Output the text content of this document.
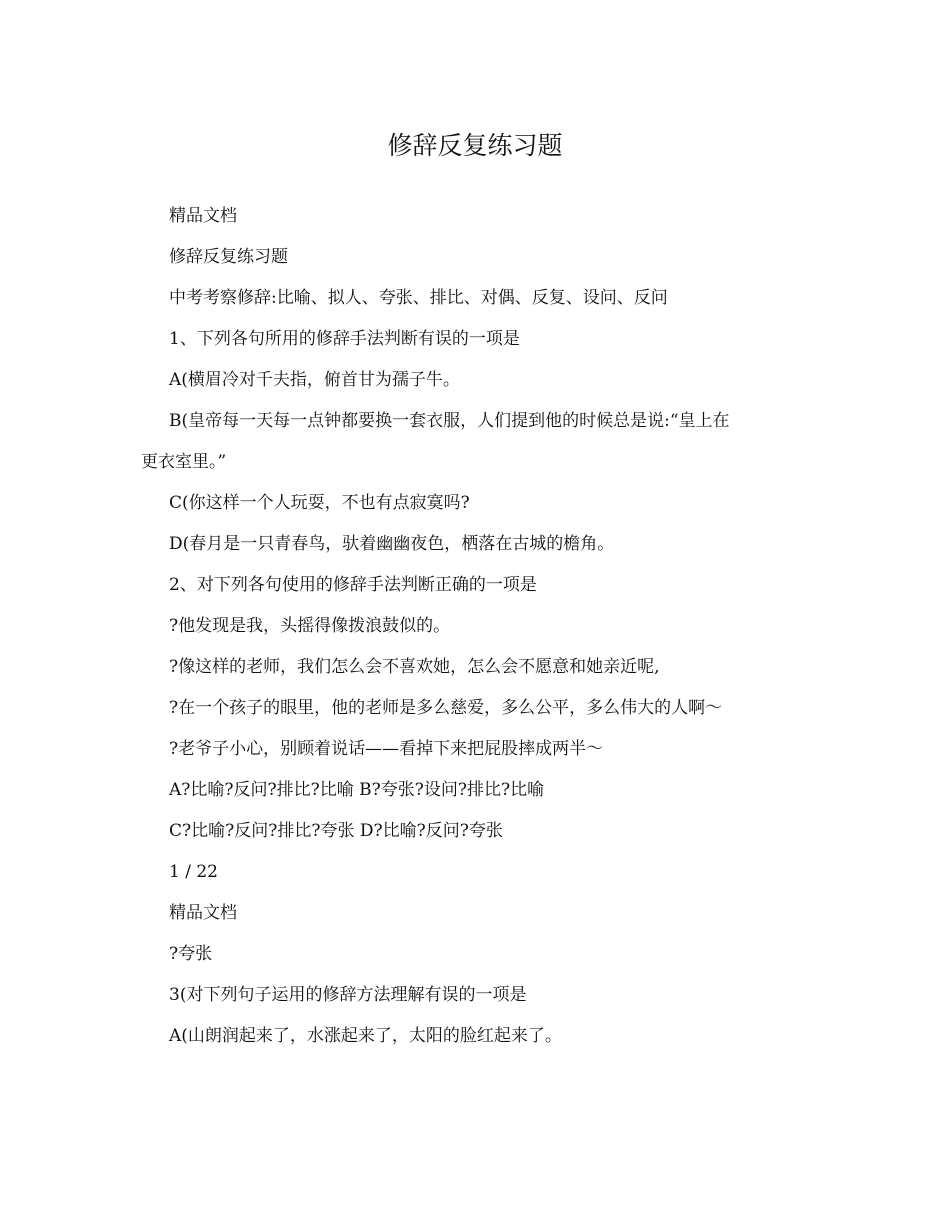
修辞反复练习题

精品文档

修辞反复练习题

中考考察修辞:比喻、拟人、夸张、排比、对偶、反复、设问、反问

1、下列各句所用的修辞手法判断有误的一项是

A(横眉冷对千夫指，俯首甘为孺子牛。

B(皇帝每一天每一点钟都要换一套衣服，人们提到他的时候总是说:“皇上在

更衣室里。”

C(你这样一个人玩耍，不也有点寂寞吗?

D(春月是一只青春鸟，驮着幽幽夜色，栖落在古城的檐角。

2、对下列各句使用的修辞手法判断正确的一项是

?他发现是我，头摇得像拨浪鼓似的。

?像这样的老师，我们怎么会不喜欢她，怎么会不愿意和她亲近呢,

?在一个孩子的眼里，他的老师是多么慈爱，多么公平，多么伟大的人啊～

?老爷子小心，别顾着说话——看掉下来把屁股摔成两半～

A?比喻?反问?排比?比喻 B?夸张?设问?排比?比喻

C?比喻?反问?排比?夸张 D?比喻?反问?夸张

1 / 22

精品文档

?夸张

3(对下列句子运用的修辞方法理解有误的一项是

A(山朗润起来了，水涨起来了，太阳的脸红起来了。
